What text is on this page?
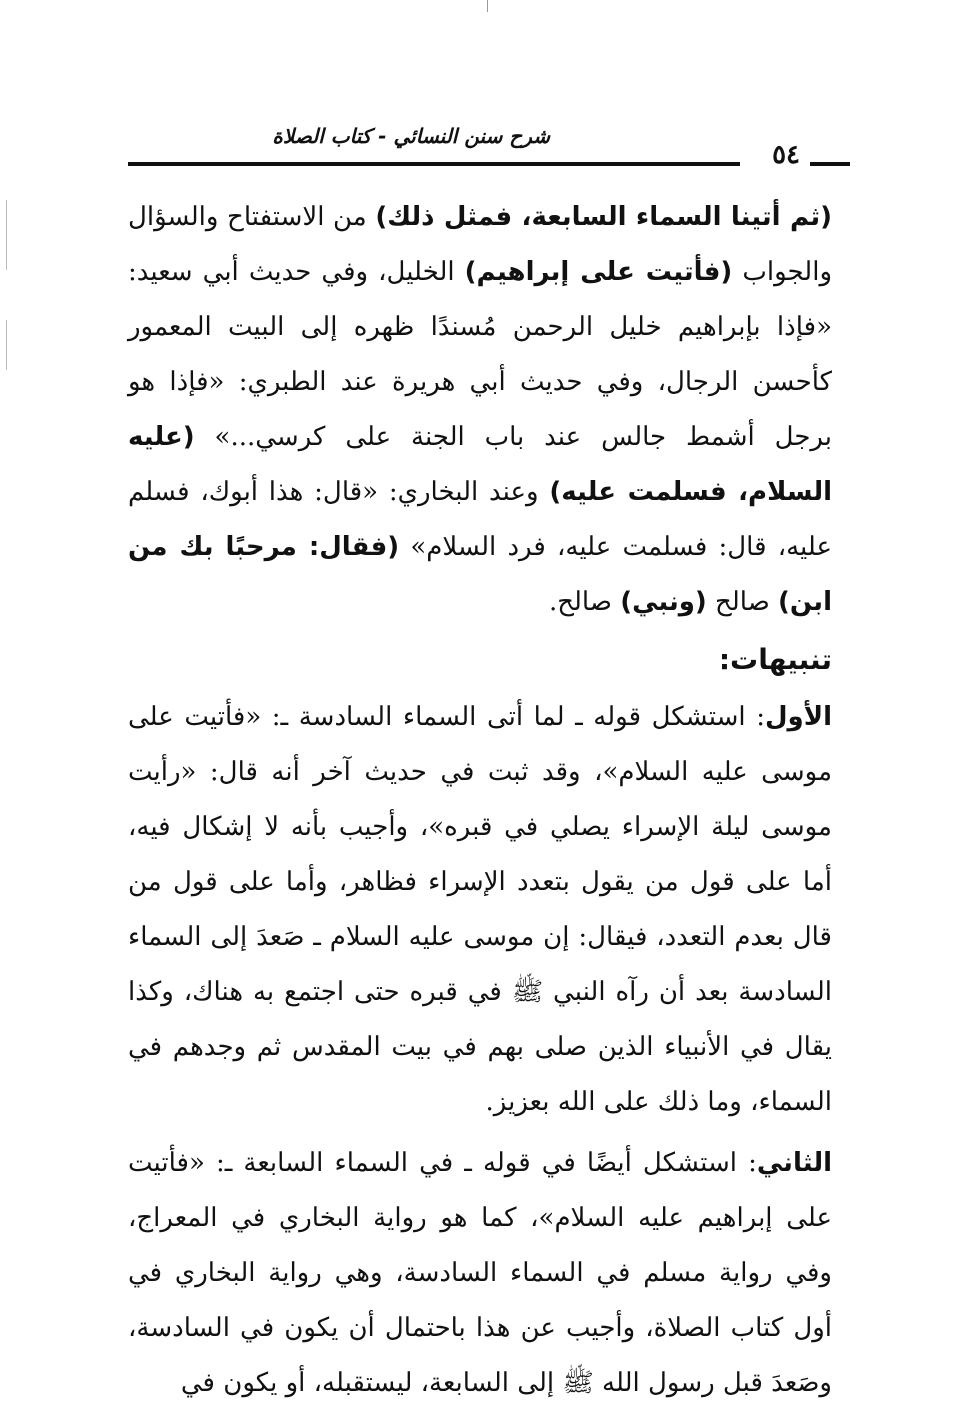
شرح سنن النسائي - كتاب الصلاة
٥٤

(ثم أتينا السماء السابعة، فمثل ذلك) من الاستفتاح والسؤال والجواب (فأتيت على إبراهيم) الخليل، وفي حديث أبي سعيد: «فإذا بإبراهيم خليل الرحمن مُسندًا ظهره إلى البيت المعمور كأحسن الرجال، وفي حديث أبي هريرة عند الطبري: «فإذا هو برجل أشمط جالس عند باب الجنة على كرسي...» (عليه السلام، فسلمت عليه) وعند البخاري: «قال: هذا أبوك، فسلم عليه، قال: فسلمت عليه، فرد السلام» (فقال: مرحبًا بك من ابن) صالح (ونبي) صالح.

تنبيهات:

الأول: استشكل قوله ـ لما أتى السماء السادسة ـ: «فأتيت على موسى عليه السلام»، وقد ثبت في حديث آخر أنه قال: «رأيت موسى ليلة الإسراء يصلي في قبره»، وأجيب بأنه لا إشكال فيه، أما على قول من يقول بتعدد الإسراء فظاهر، وأما على قول من قال بعدم التعدد، فيقال: إن موسى عليه السلام ـ صَعدَ إلى السماء السادسة بعد أن رآه النبي ﷺ في قبره حتى اجتمع به هناك، وكذا يقال في الأنبياء الذين صلى بهم في بيت المقدس ثم وجدهم في السماء، وما ذلك على الله بعزيز.

الثاني: استشكل أيضًا في قوله ـ في السماء السابعة ـ: «فأتيت على إبراهيم عليه السلام»، كما هو رواية البخاري في المعراج، وفي رواية مسلم في السماء السادسة، وهي رواية البخاري في أول كتاب الصلاة، وأجيب عن هذا باحتمال أن يكون في السادسة، وصَعدَ قبل رسول الله ﷺ إلى السابعة، ليستقبله، أو يكون في
